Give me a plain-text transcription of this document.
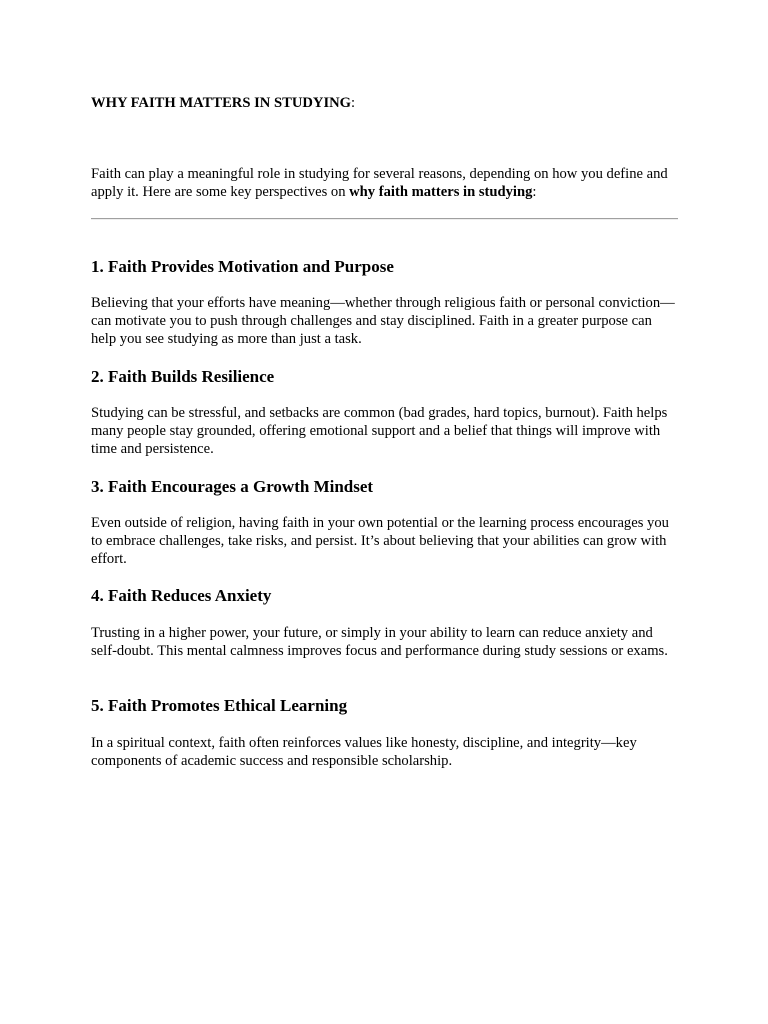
WHY FAITH MATTERS IN STUDYING:

Faith can play a meaningful role in studying for several reasons, depending on how you define and apply it. Here are some key perspectives on why faith matters in studying:

1. Faith Provides Motivation and Purpose

Believing that your efforts have meaning—whether through religious faith or personal conviction—can motivate you to push through challenges and stay disciplined. Faith in a greater purpose can help you see studying as more than just a task.

2. Faith Builds Resilience

Studying can be stressful, and setbacks are common (bad grades, hard topics, burnout). Faith helps many people stay grounded, offering emotional support and a belief that things will improve with time and persistence.

3. Faith Encourages a Growth Mindset

Even outside of religion, having faith in your own potential or the learning process encourages you to embrace challenges, take risks, and persist. It’s about believing that your abilities can grow with effort.

4. Faith Reduces Anxiety

Trusting in a higher power, your future, or simply in your ability to learn can reduce anxiety and self-doubt. This mental calmness improves focus and performance during study sessions or exams.

5. Faith Promotes Ethical Learning

In a spiritual context, faith often reinforces values like honesty, discipline, and integrity—key components of academic success and responsible scholarship.
